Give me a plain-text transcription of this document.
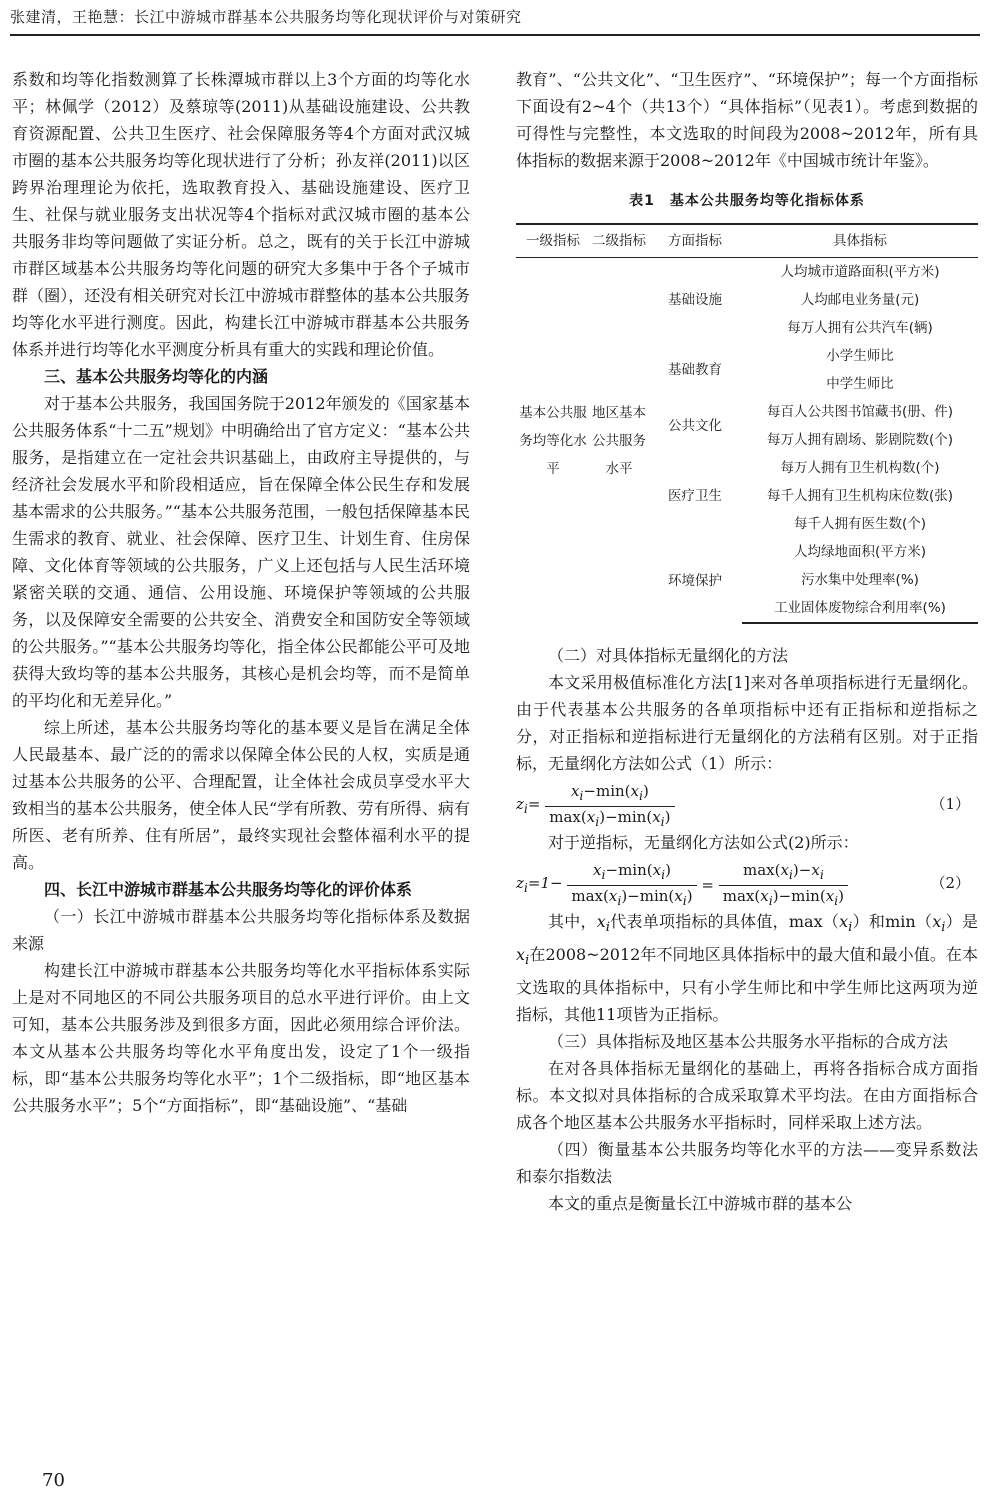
张建清，王艳慧：长江中游城市群基本公共服务均等化现状评价与对策研究

系数和均等化指数测算了长株潭城市群以上3个方面的均等化水平；林佩学（2012）及蔡琼等(2011)从基础设施建设、公共教育资源配置、公共卫生医疗、社会保障服务等4个方面对武汉城市圈的基本公共服务均等化现状进行了分析；孙友祥(2011)以区跨界治理理论为依托，选取教育投入、基础设施建设、医疗卫生、社保与就业服务支出状况等4个指标对武汉城市圈的基本公共服务非均等问题做了实证分析。总之，既有的关于长江中游城市群区域基本公共服务均等化问题的研究大多集中于各个子城市群（圈），还没有相关研究对长江中游城市群整体的基本公共服务均等化水平进行测度。因此，构建长江中游城市群基本公共服务体系并进行均等化水平测度分析具有重大的实践和理论价值。

三、基本公共服务均等化的内涵

对于基本公共服务，我国国务院于2012年颁发的《国家基本公共服务体系“十二五”规划》中明确给出了官方定义：“基本公共服务，是指建立在一定社会共识基础上，由政府主导提供的，与经济社会发展水平和阶段相适应，旨在保障全体公民生存和发展基本需求的公共服务。”“基本公共服务范围，一般包括保障基本民生需求的教育、就业、社会保障、医疗卫生、计划生育、住房保障、文化体育等领域的公共服务，广义上还包括与人民生活环境紧密关联的交通、通信、公用设施、环境保护等领域的公共服务，以及保障安全需要的公共安全、消费安全和国防安全等领域的公共服务。”“基本公共服务均等化，指全体公民都能公平可及地获得大致均等的基本公共服务，其核心是机会均等，而不是简单的平均化和无差异化。”

综上所述，基本公共服务均等化的基本要义是旨在满足全体人民最基本、最广泛的的需求以保障全体公民的人权，实质是通过基本公共服务的公平、合理配置，让全体社会成员享受水平大致相当的基本公共服务，使全体人民“学有所教、劳有所得、病有所医、老有所养、住有所居”，最终实现社会整体福利水平的提高。

四、长江中游城市群基本公共服务均等化的评价体系
（一）长江中游城市群基本公共服务均等化指标体系及数据来源

构建长江中游城市群基本公共服务均等化水平指标体系实际上是对不同地区的不同公共服务项目的总水平进行评价。由上文可知，基本公共服务涉及到很多方面，因此必须用综合评价法。本文从基本公共服务均等化水平角度出发，设定了1个一级指标，即“基本公共服务均等化水平”；1个二级指标，即“地区基本公共服务水平”；5个“方面指标”，即“基础设施”、“基础

教育”、“公共文化”、“卫生医疗”、“环境保护”；每一个方面指标下面设有2~4个（共13个）“具体指标”（见表1）。考虑到数据的可得性与完整性，本文选取的时间段为2008~2012年，所有具体指标的数据来源于2008~2012年《中国城市统计年鉴》。

表1　基本公共服务均等化指标体系
一级指标	二级指标	方面指标	具体指标
基本公共服务均等化水平	地区基本公共服务水平	基础设施	人均城市道路面积(平方米)
			人均邮电业务量(元)
			每万人拥有公共汽车(辆)
		基础教育	小学生师比
			中学生师比
		公共文化	每百人公共图书馆藏书(册、件)
			每万人拥有剧场、影剧院数(个)
		医疗卫生	每万人拥有卫生机构数(个)
			每千人拥有卫生机构床位数(张)
			每千人拥有医生数(个)
		环境保护	人均绿地面积(平方米)
			污水集中处理率(%)
			工业固体废物综合利用率(%)
（二）对具体指标无量纲化的方法

本文采用极值标准化方法[1]来对各单项指标进行无量纲化。由于代表基本公共服务的各单项指标中还有正指标和逆指标之分，对正指标和逆指标进行无量纲化的方法稍有区别。对于正指标，无量纲化方法如公式（1）所示：

$z_i= \frac{x_i-\min(x_i)}{\max(x_i)-\min(x_i)}$	（1）

对于逆指标，无量纲化方法如公式(2)所示：

$z_i=1- \frac{x_i-\min(x_i)}{\max(x_i)-\min(x_i)} = \frac{\max(x_i)-x_i}{\max(x_i)-\min(x_i)}$	（2）

其中，$x_i$代表单项指标的具体值，$\max(x_i)$和$\min(x_i)$是$x_i$在2008~2012年不同地区具体指标中的最大值和最小值。在本文选取的具体指标中，只有小学生师比和中学生师比这两项为逆指标，其他11项皆为正指标。

（三）具体指标及地区基本公共服务水平指标的合成方法

在对各具体指标无量纲化的基础上，再将各指标合成方面指标。本文拟对具体指标的合成采取算术平均法。在由方面指标合成各个地区基本公共服务水平指标时，同样采取上述方法。

（四）衡量基本公共服务均等化水平的方法——变异系数法和泰尔指数法

本文的重点是衡量长江中游城市群的基本公

70
